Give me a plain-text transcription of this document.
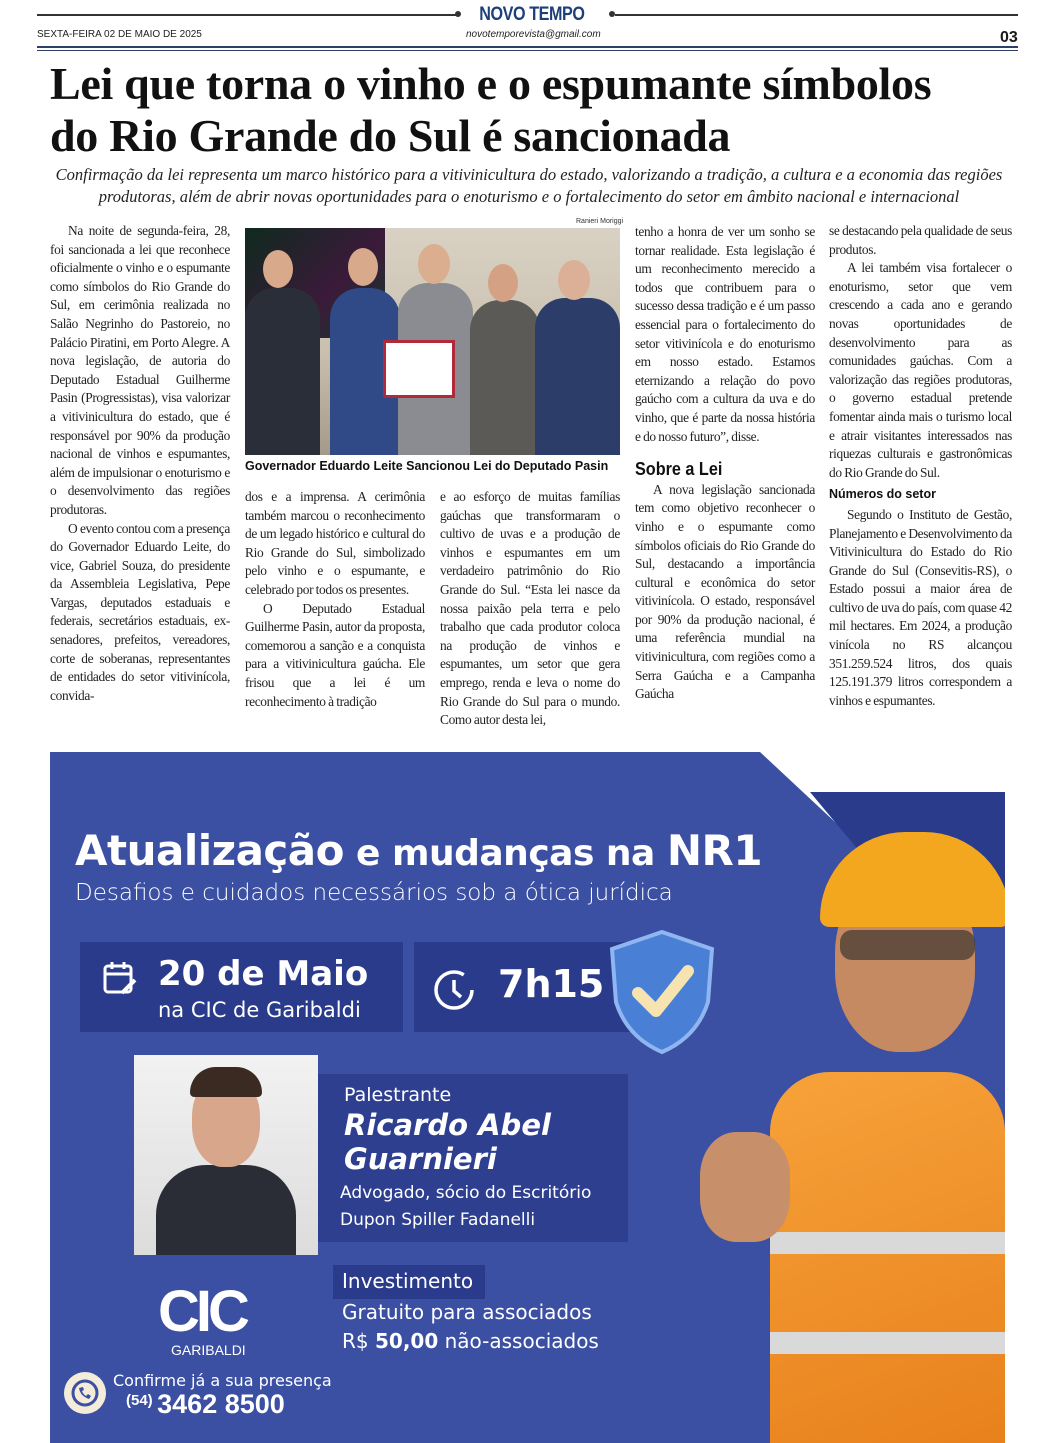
NOVO TEMPO
SEXTA-FEIRA 02 DE MAIO DE 2025	novotemporevista@gmail.com	03
Lei que torna o vinho e o espumante símbolos
do Rio Grande do Sul é sancionada
Confirmação da lei representa um marco histórico para a vitivinicultura do estado, valorizando a tradição, a cultura e a economia das regiões produtoras, além de abrir novas oportunidades para o enoturismo e o fortalecimento do setor em âmbito nacional e internacional

Na noite de segunda-feira, 28, foi sancionada a lei que reconhece oficialmente o vinho e o espumante como símbolos do Rio Grande do Sul, em cerimônia realizada no Salão Negrinho do Pastoreio, no Palácio Piratini, em Porto Alegre. A nova legislação, de autoria do Deputado Estadual Guilherme Pasin (Progressistas), visa valorizar a vitivinicultura do estado, que é responsável por 90% da produção nacional de vinhos e espumantes, além de impulsionar o enoturismo e o desenvolvimento das regiões produtoras.

O evento contou com a presença do Governador Eduardo Leite, do vice, Gabriel Souza, do presidente da Assembleia Legislativa, Pepe Vargas, deputados estaduais e federais, secretários estaduais, ex-senadores, prefeitos, vereadores, corte de soberanas, representantes de entidades do setor vitivinícola, convida-

Ranieri Moriggi
Governador Eduardo Leite Sancionou Lei do Deputado Pasin

dos e a imprensa. A cerimônia também marcou o reconhecimento de um legado histórico e cultural do Rio Grande do Sul, simbolizado pelo vinho e o espumante, e celebrado por todos os presentes.

O Deputado Estadual Guilherme Pasin, autor da proposta, comemorou a sanção e a conquista para a vitivinicultura gaúcha. Ele frisou que a lei é um reconhecimento à tradição

e ao esforço de muitas famílias gaúchas que transformaram o cultivo de uvas e a produção de vinhos e espumantes em um verdadeiro patrimônio do Rio Grande do Sul. “Esta lei nasce da nossa paixão pela terra e pelo trabalho que cada produtor coloca na produção de vinhos e espumantes, um setor que gera emprego, renda e leva o nome do Rio Grande do Sul para o mundo. Como autor desta lei,

tenho a honra de ver um sonho se tornar realidade. Esta legislação é um reconhecimento merecido a todos que contribuem para o sucesso dessa tradição e é um passo essencial para o fortalecimento do setor vitivinícola e do enoturismo em nosso estado. Estamos eternizando a relação do povo gaúcho com a cultura da uva e do vinho, que é parte da nossa história e do nosso futuro”, disse.

Sobre a Lei

A nova legislação sancionada tem como objetivo reconhecer o vinho e o espumante como símbolos oficiais do Rio Grande do Sul, destacando a importância cultural e econômica do setor vitivinícola. O estado, responsável por 90% da produção nacional, é uma referência mundial na vitivinicultura, com regiões como a Serra Gaúcha e a Campanha Gaúcha

se destacando pela qualidade de seus produtos.

A lei também visa fortalecer o enoturismo, setor que vem crescendo a cada ano e gerando novas oportunidades de desenvolvimento para as comunidades gaúchas. Com a valorização das regiões produtoras, o governo estadual pretende fomentar ainda mais o turismo local e atrair visitantes interessados nas riquezas culturais e gastronômicas do Rio Grande do Sul.

Números do setor

Segundo o Instituto de Gestão, Planejamento e Desenvolvimento da Vitivinicultura do Estado do Rio Grande do Sul (Consevitis-RS), o Estado possui a maior área de cultivo de uva do país, com quase 42 mil hectares. Em 2024, a produção vinícola no RS alcançou 351.259.524 litros, dos quais 125.191.379 litros correspondem a vinhos e espumantes.

Atualização e mudanças na NR1
Desafios e cuidados necessários sob a ótica jurídica
20 de Maio
na CIC de Garibaldi
7h15
Palestrante
Ricardo Abel
Guarnieri
Advogado, sócio do Escritório
Dupon Spiller Fadanelli
Investimento
Gratuito para associados
R$ 50,00 não-associados
CIC
GARIBALDI
Confirme já a sua presença
(54) 3462 8500
